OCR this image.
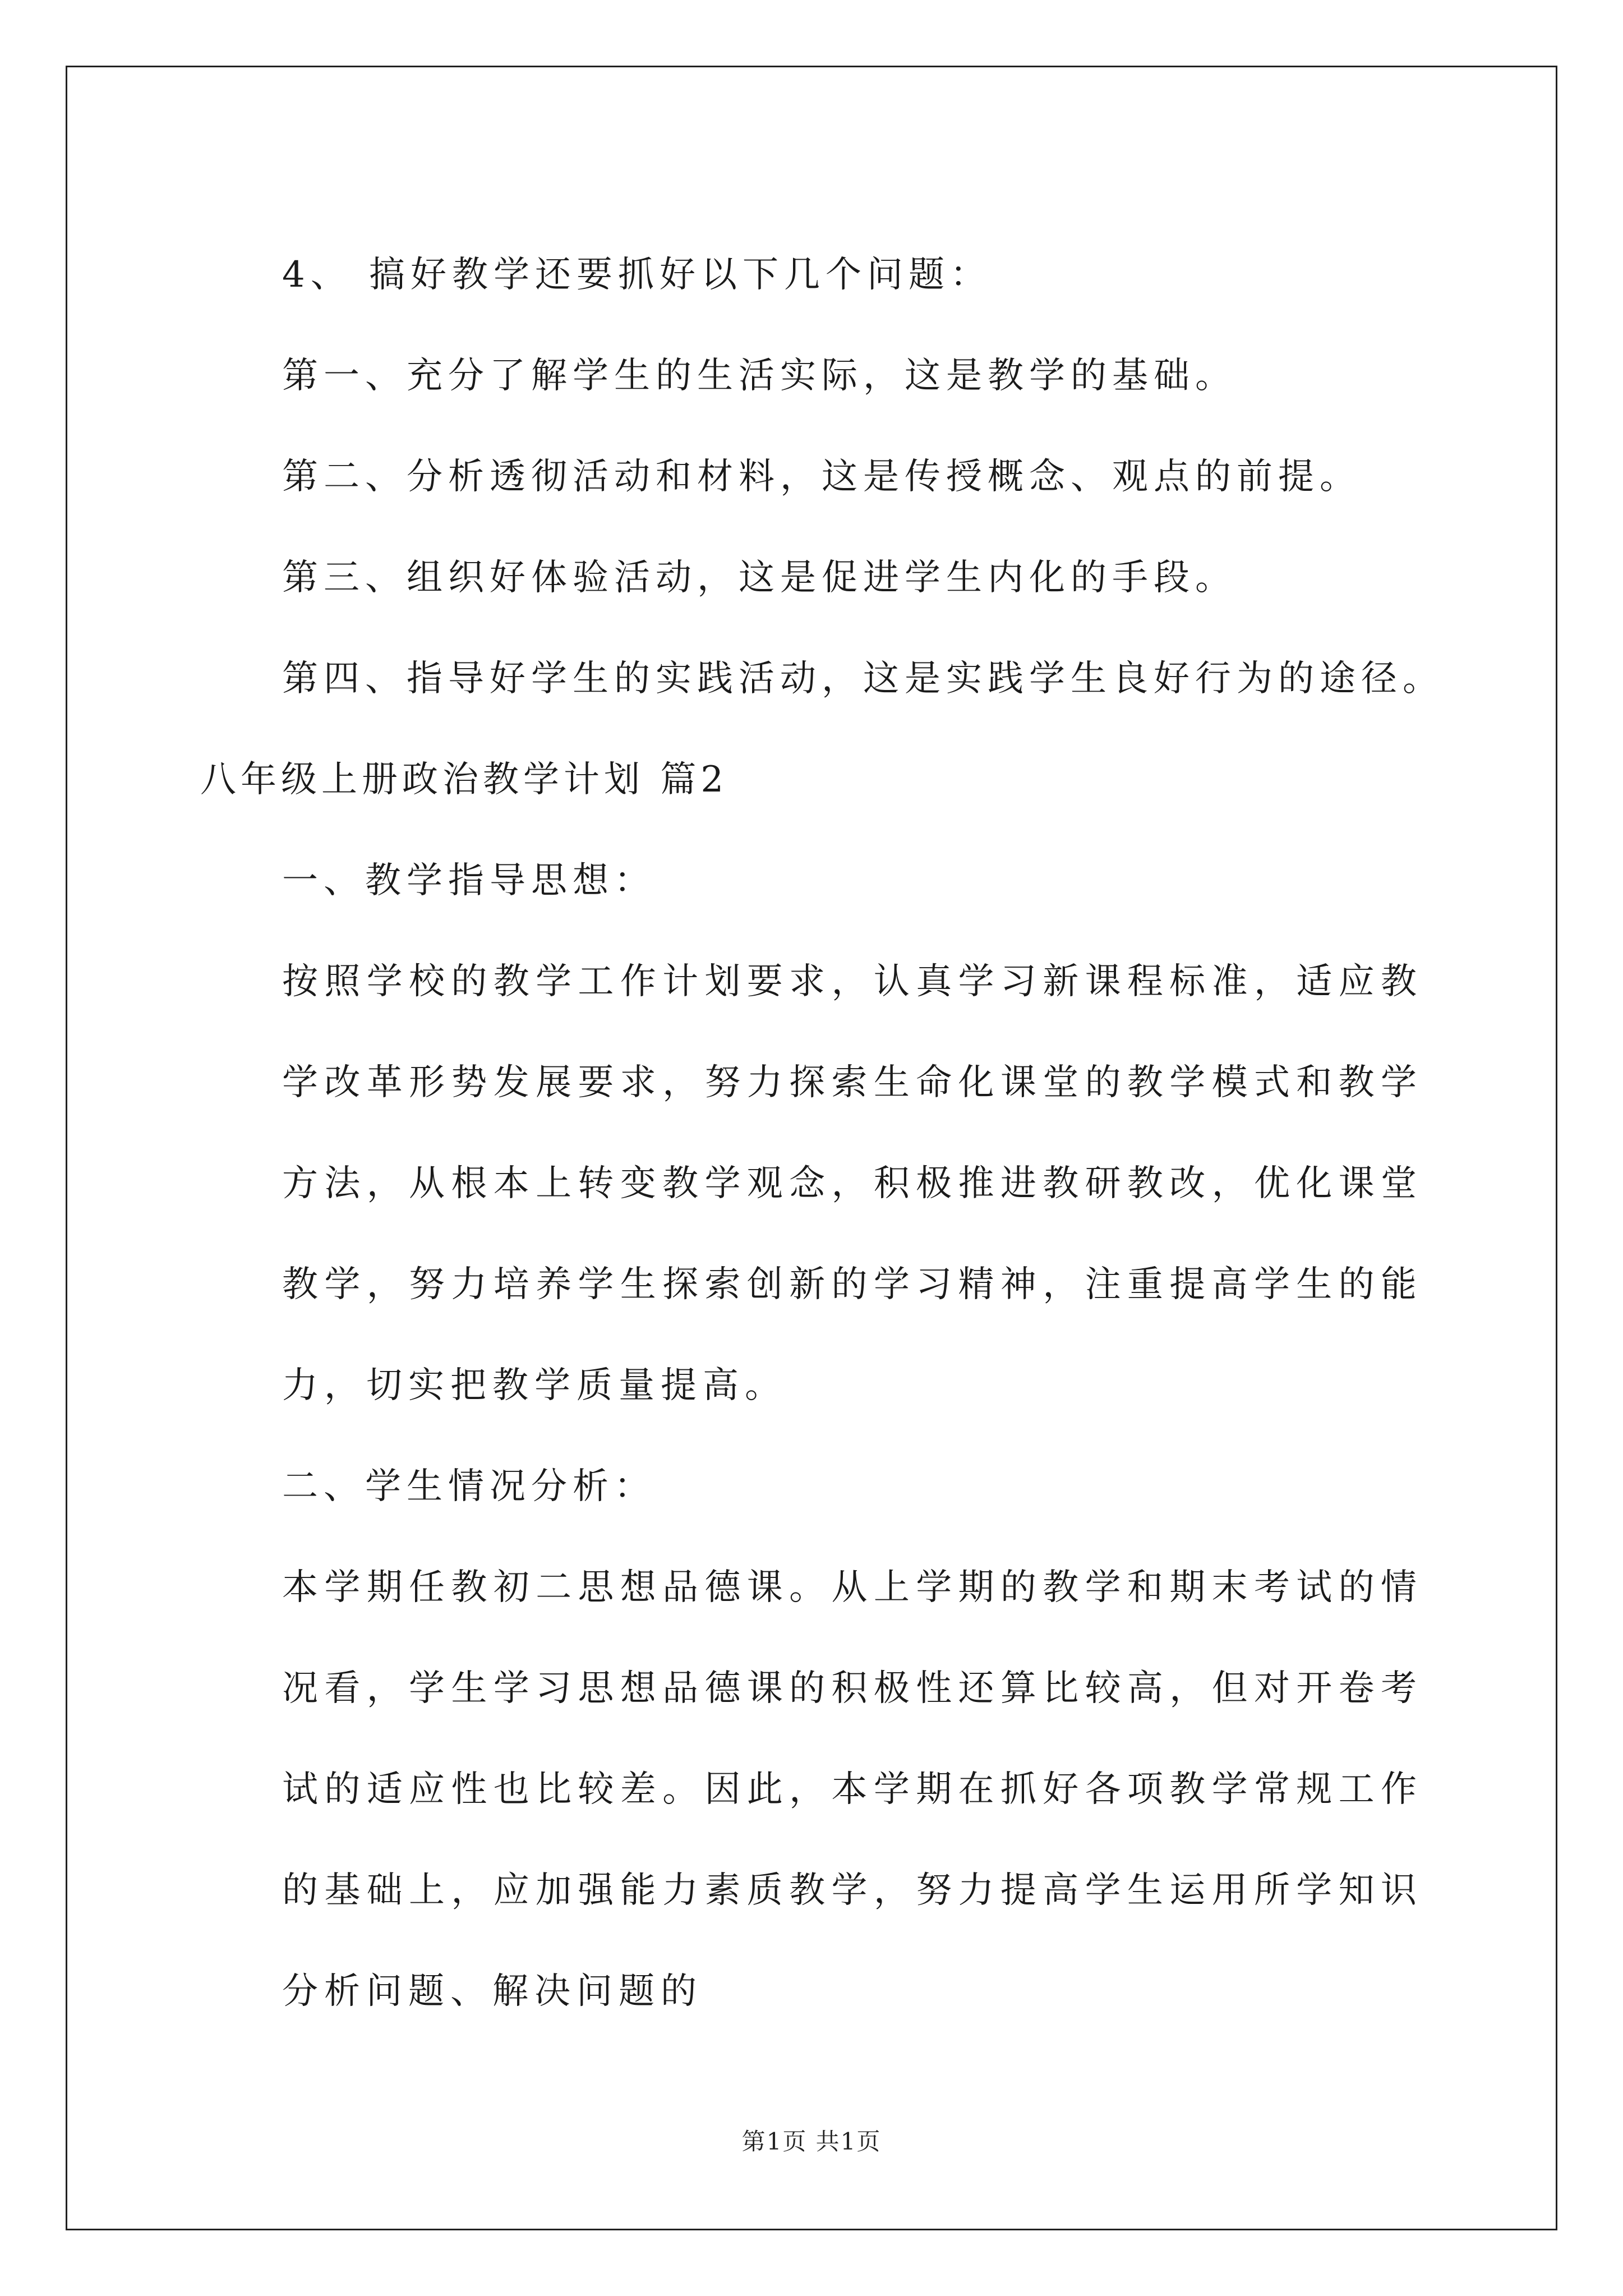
4、 搞好教学还要抓好以下几个问题：

第一、充分了解学生的生活实际，这是教学的基础。

第二、分析透彻活动和材料，这是传授概念、观点的前提。

第三、组织好体验活动，这是促进学生内化的手段。

第四、指导好学生的实践活动，这是实践学生良好行为的途径。

八年级上册政治教学计划 篇2

一、教学指导思想：

按照学校的教学工作计划要求，认真学习新课程标准，适应教学改革形势发展要求，努力探索生命化课堂的教学模式和教学方法，从根本上转变教学观念，积极推进教研教改，优化课堂教学，努力培养学生探索创新的学习精神，注重提高学生的能力，切实把教学质量提高。

二、学生情况分析：

本学期任教初二思想品德课。从上学期的教学和期末考试的情况看，学生学习思想品德课的积极性还算比较高，但对开卷考试的适应性也比较差。因此，本学期在抓好各项教学常规工作的基础上，应加强能力素质教学，努力提高学生运用所学知识分析问题、解决问题的

第1页 共1页
